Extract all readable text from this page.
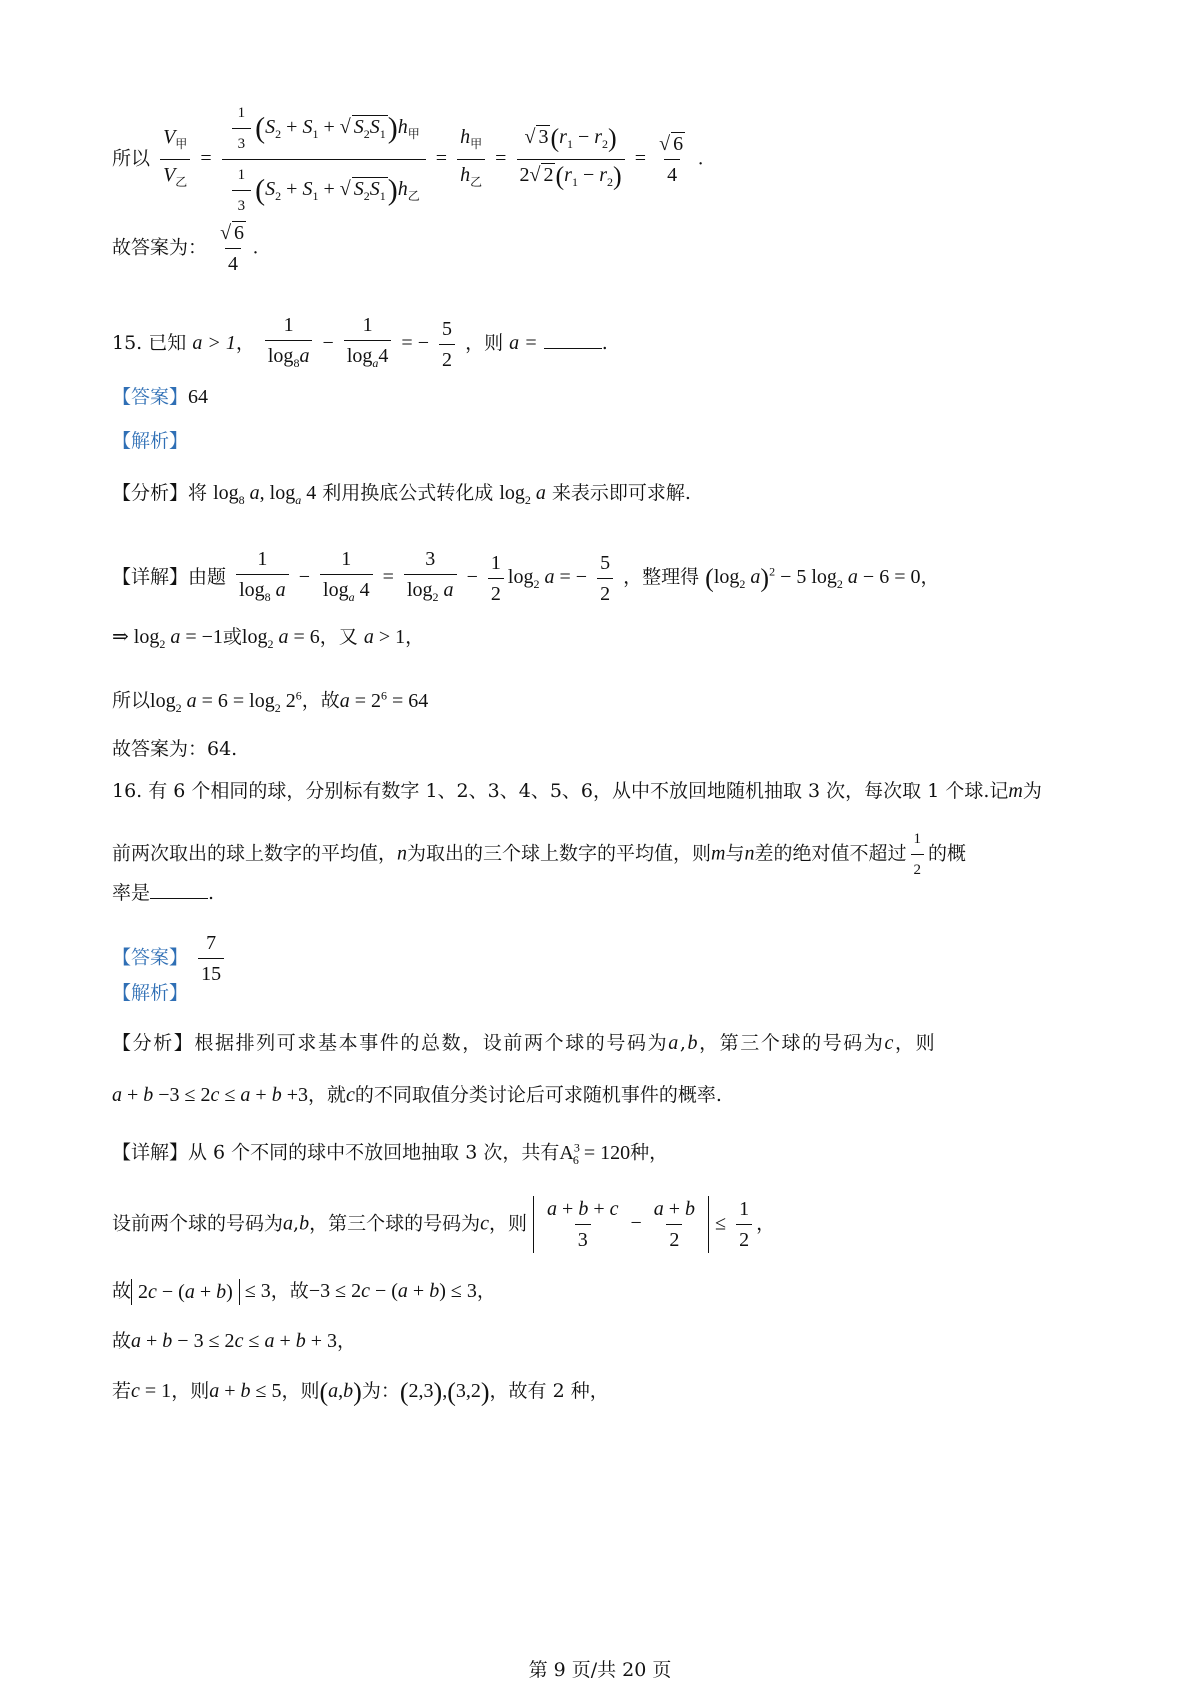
所以 $\frac{V_甲}{V_乙} = \frac{\frac{1}{3} (S_2 + S_1 + √ S_2S_1)h_甲}{\frac{1}{3} (S_2 + S_1 + √ S_2S_1)h_乙} = \frac{h_甲}{h_乙} = \frac{√ 3(r_1 - r_2)}{2√ 2(r_1 - r_2)} = \frac{√ 6}{4}$ .
故答案为： $\frac{√ 6}{4}$ .
15. 已知 a > 1， $\frac{1}{\log_8a} - \frac{1}{\log_a4}$ = − $\frac{5}{2}$ ，则 a =	.
【答案】64
【解析】
【分析】将 $\log_8 a$, $\log_a 4$ 利用换底公式转化成 $\log_2 a$ 来表示即可求解.
【详解】由题 $\frac{1}{\log_8 a} - \frac{1}{\log_a 4} = \frac{3}{\log_2 a} - \frac{1}{2} \log_2 a$ = − $\frac{5}{2}$ ，整理得 ($\log_2$ a)$^2$ − 5 $\log_2 a - 6 = 0$，
⇒ $\log_2 a = -1$或$\log_2 a = 6$，又 a > 1，
所以$\log_2 a = 6 = \log_2 2^6$，故$a = 2^6 = 64$
故答案为：64.
16. 有 6 个相同的球，分别标有数字 1、2、3、4、5、6，从中不放回地随机抽取 3 次，每次取 1 个球.记m为
前两次取出的球上数字的平均值，n为取出的三个球上数字的平均值，则m与n差的绝对值不超过 $\frac{1}{2}$ 的概
率是	.
【答案】 $\frac{7}{15}$
【解析】
【分析】根据排列可求基本事件的总数，设前两个球的号码为a,b，第三个球的号码为c，则
a + b −3 ≤ 2c ≤ a + b +3，就c的不同取值分类讨论后可求随机事件的概率.
【详解】从 6 个不同的球中不放回地抽取 3 次，共有$A^3_6 = 120$种，
设前两个球的号码为a,b，第三个球的号码为c，则 $\frac{a + b + c}{3} - \frac{a + b}{2} \le \frac{1}{2}$ ，
故 2c − (a + b) ≤ 3，故−3 ≤ 2c − (a + b) ≤ 3，
故a + b − 3 ≤ 2c ≤ a + b + 3，
若c = 1，则a + b ≤ 5，则(a,b)为：(2,3),(3,2)，故有 2 种，
第 9 页/共 20 页
